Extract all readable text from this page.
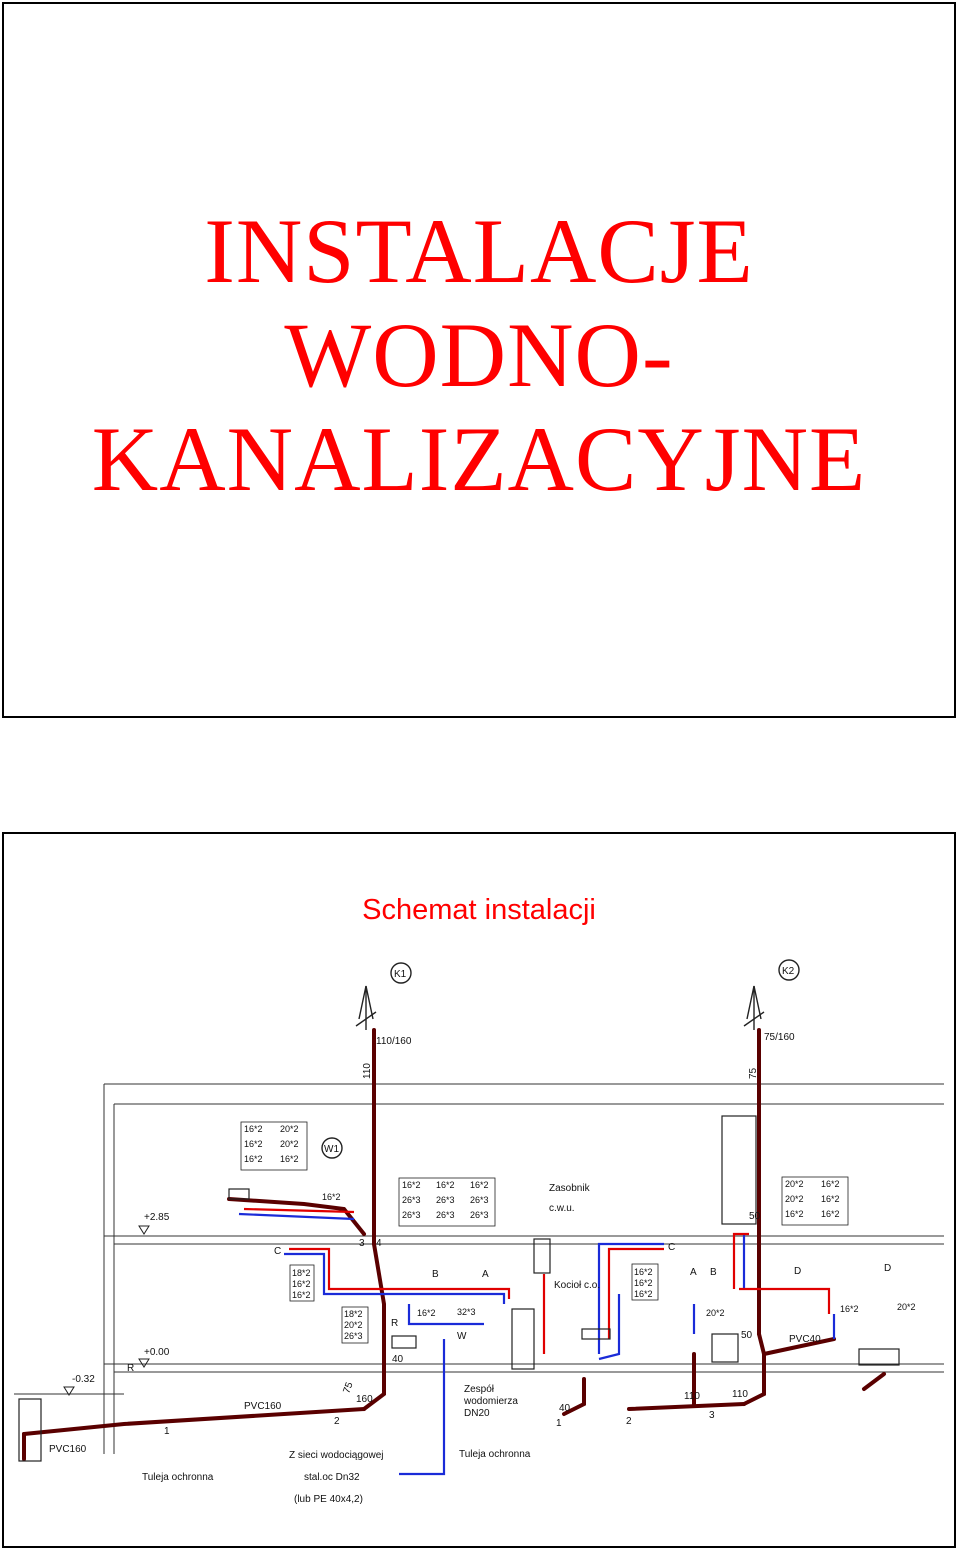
INSTALACJE
WODNO-
KANALIZACYJNE
Schemat instalacji
K1	K2
W1
16*2 20*2
16*2 20*2
16*2 16*2
16*2 16*2 16*2
26*3 26*3 26*3
26*3 26*3 26*3
20*2 16*2
20*2 16*2
16*2 16*2
18*2
16*2
16*2
18*2
20*2
26*3
16*2
16*2
16*2
110/160	75/160
110	75
PVC160
PVC160
PVC40
160	110	110
50
40
40
50
75
+2.85
+0.00
-0.32
Zasobnik
c.w.u.
Kocioł c.o.
Zespół
wodomierza
DN20
Tuleja ochronna
Tuleja ochronna
Z sieci wodociągowej
stal.oc Dn32
(lub PE 40x4,2)
16*2 32*3	20*2
16*2
16*2	20*2
A
B
C
D
A B
C
D
R
R
W
1
2
3 4
1	2
3
